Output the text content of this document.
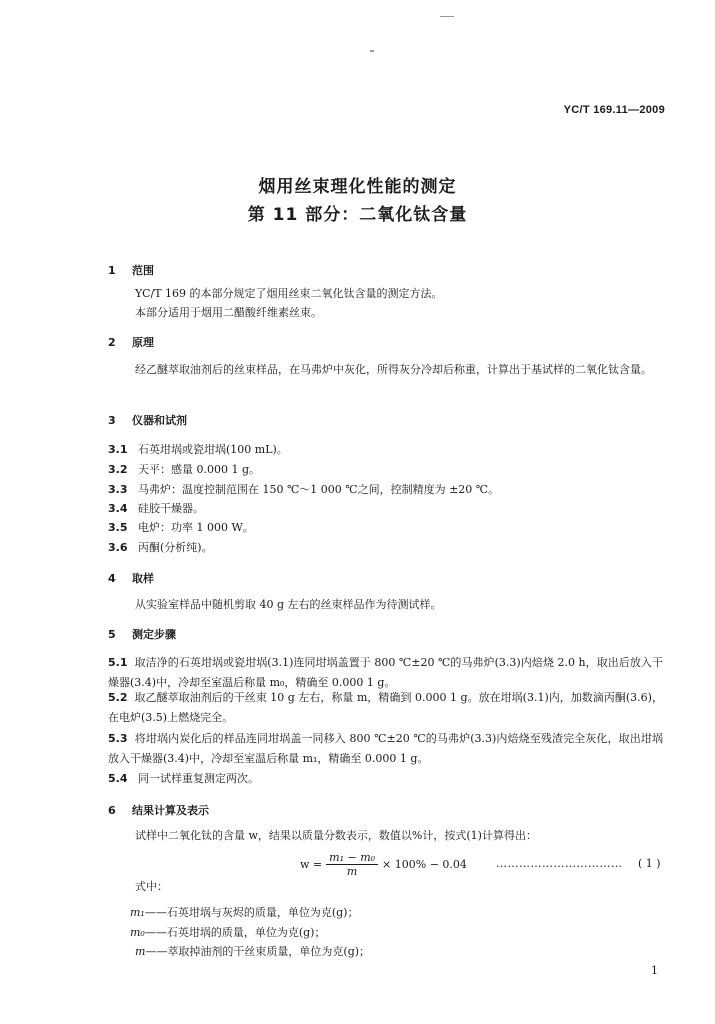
YC/T 169.11—2009
烟用丝束理化性能的测定
第 11 部分：二氧化钛含量
1 范围
YC/T 169 的本部分规定了烟用丝束二氧化钛含量的测定方法。
本部分适用于烟用二醋酸纤维素丝束。
2 原理
经乙醚萃取油剂后的丝束样品，在马弗炉中灰化，所得灰分冷却后称重，计算出于基试样的二氧化钛含量。
3 仪器和试剂
3.1 石英坩埚或瓷坩埚(100 mL)。
3.2 天平：感量 0.000 1 g。
3.3 马弗炉：温度控制范围在 150 ℃～1 000 ℃之间，控制精度为 ±20 ℃。
3.4 硅胶干燥器。
3.5 电炉：功率 1 000 W。
3.6 丙酮(分析纯)。
4 取样
从实验室样品中随机剪取 40 g 左右的丝束样品作为待测试样。
5 测定步骤
5.1 取洁净的石英坩埚或瓷坩埚(3.1)连同坩埚盖置于 800 ℃±20 ℃的马弗炉(3.3)内焙烧 2.0 h，取出后放入干燥器(3.4)中，冷却至室温后称量 m₀，精确至 0.000 1 g。
5.2 取乙醚萃取油剂后的干丝束 10 g 左右，称量 m，精确到 0.000 1 g。放在坩埚(3.1)内，加数滴丙酮(3.6)，在电炉(3.5)上燃烧完全。
5.3 将坩埚内炭化后的样品连同坩埚盖一同移入 800 ℃±20 ℃的马弗炉(3.3)内焙烧至残渣完全灰化，取出坩埚放入干燥器(3.4)中，冷却至室温后称量 m₁，精确至 0.000 1 g。
5.4 同一试样重复测定两次。
6 结果计算及表示
试样中二氧化钛的含量 w，结果以质量分数表示，数值以%计，按式(1)计算得出：
$w = \frac{\text{m₁ − m₀}}{m} \times 100\% - 0.04$	…………………………… ( 1 )
式中：
m₁——石英坩埚与灰烬的质量，单位为克(g)；
m₀——石英坩埚的质量，单位为克(g)；
m——萃取掉油剂的干丝束质量，单位为克(g)；
1
